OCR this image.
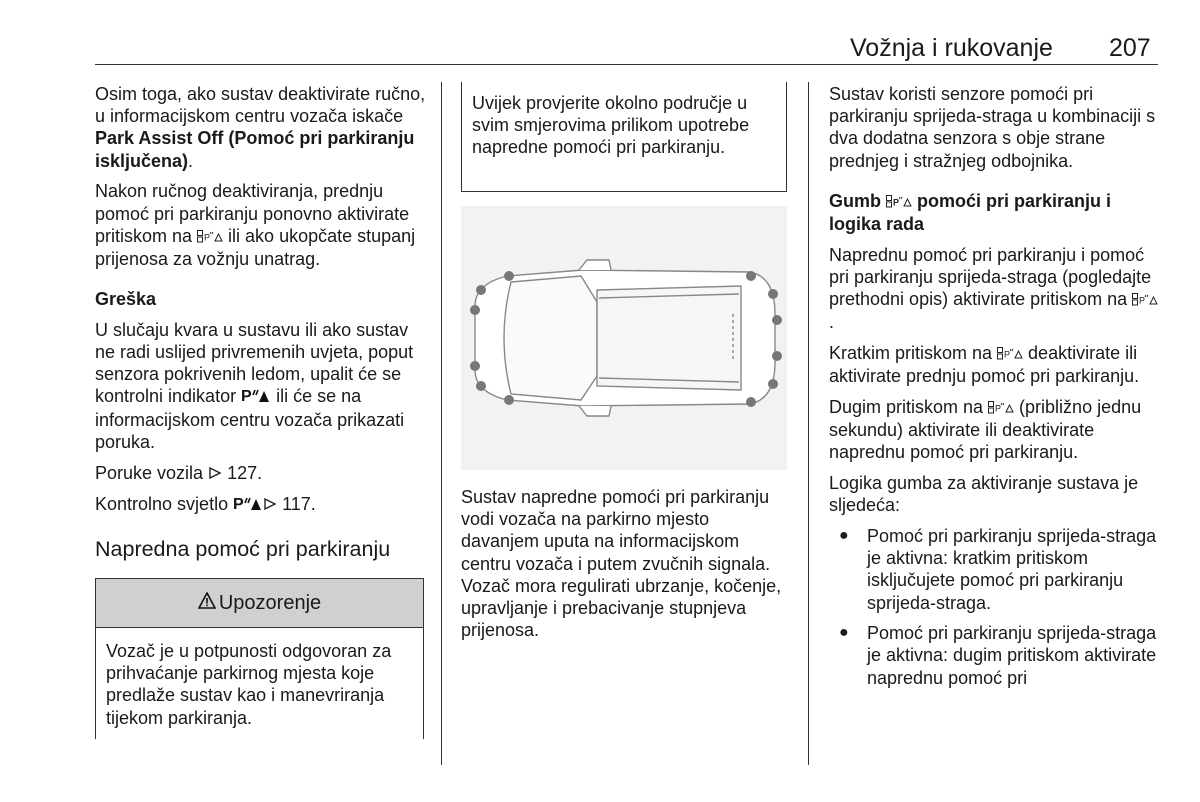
Vožnja i rukovanje 207

Osim toga, ako sustav deaktivirate ručno, u informacijskom centru vozača iskače Park Assist Off (Pomoć pri parkiranju isključena).

Nakon ručnog deaktiviranja, prednju pomoć pri parkiranju ponovno aktivirate pritiskom na P ili ako ukopčate stupanj prijenosa za vožnju unatrag.

Greška

U slučaju kvara u sustavu ili ako sustav ne radi uslijed privremenih uvjeta, poput senzora pokrivenih ledom, upalit će se kontrolni indikator P ili će se na informacijskom centru vozača prikazati poruka.

Poruke vozila  127.

Kontrolno svjetlo P 117.

Napredna pomoć pri parkiranju

Upozorenje
Vozač je u potpunosti odgovoran za prihvaćanje parkirnog mjesta koje predlaže sustav kao i manevriranja tijekom parkiranja.
Uvijek provjerite okolno područje u svim smjerovima prilikom upotrebe napredne pomoći pri parkiranju.

Sustav napredne pomoći pri parkiranju vodi vozača na parkirno mjesto davanjem uputa na informacijskom centru vozača i putem zvučnih signala. Vozač mora regulirati ubrzanje, kočenje, upravljanje i prebacivanje stupnjeva prijenosa.

Sustav koristi senzore pomoći pri parkiranju sprijeda-straga u kombinaciji s dva dodatna senzora s obje strane prednjeg i stražnjeg odbojnika.

Gumb P pomoći pri parkiranju i logika rada

Naprednu pomoć pri parkiranju i pomoć pri parkiranju sprijeda-straga (pogledajte prethodni opis) aktivirate pritiskom na P
.

Kratkim pritiskom na P deaktivirate ili aktivirate prednju pomoć pri parkiranju.

Dugim pritiskom na P (približno jednu sekundu) aktivirate ili deaktivirate naprednu pomoć pri parkiranju.

Logika gumba za aktiviranje sustava je sljedeća:

●	Pomoć pri parkiranju sprijeda-straga je aktivna: kratkim pritiskom isključujete pomoć pri parkiranju sprijeda-straga.
●	Pomoć pri parkiranju sprijeda-straga je aktivna: dugim pritiskom aktivirate naprednu pomoć pri
